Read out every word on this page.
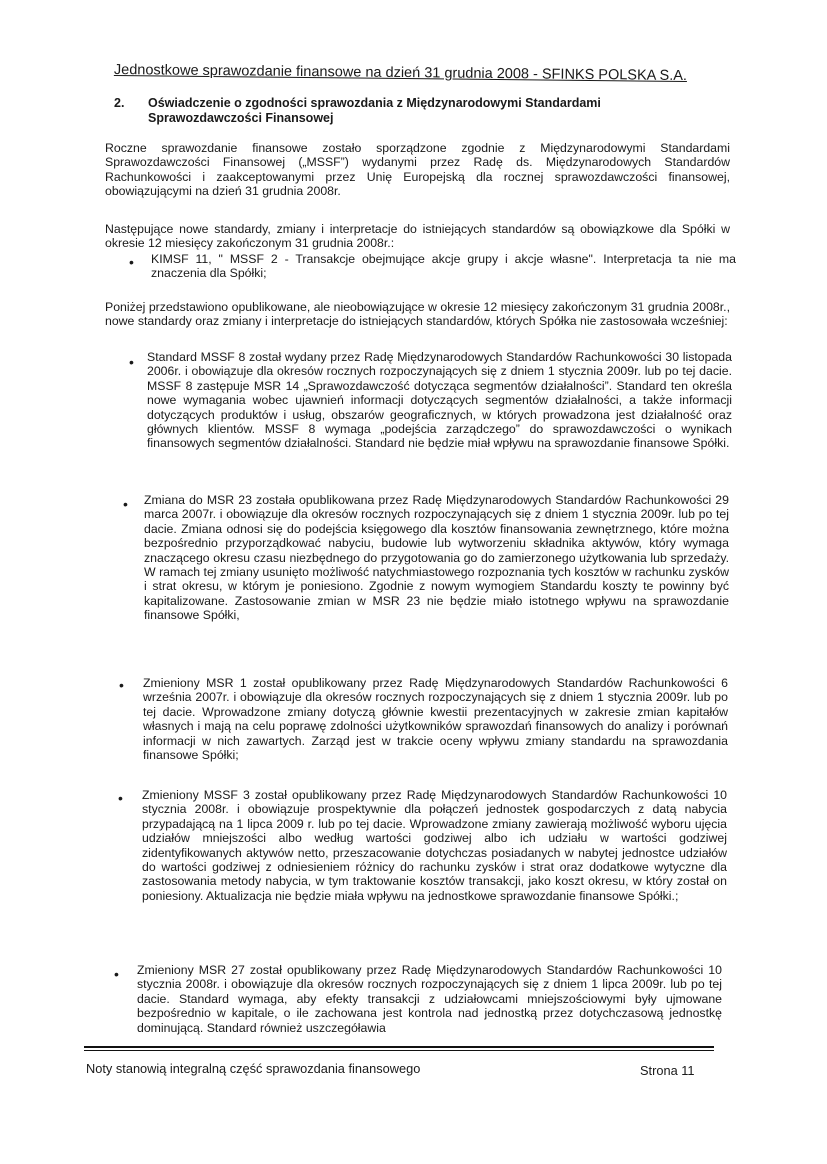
Jednostkowe sprawozdanie finansowe na dzień 31 grudnia 2008 - SFINKS POLSKA S.A.
2. Oświadczenie o zgodności sprawozdania z Międzynarodowymi Standardami Sprawozdawczości Finansowej
Roczne sprawozdanie finansowe zostało sporządzone zgodnie z Międzynarodowymi Standardami Sprawozdawczości Finansowej („MSSF”) wydanymi przez Radę ds. Międzynarodowych Standardów Rachunkowości i zaakceptowanymi przez Unię Europejską dla rocznej sprawozdawczości finansowej, obowiązującymi na dzień 31 grudnia 2008r.
Następujące nowe standardy, zmiany i interpretacje do istniejących standardów są obowiązkowe dla Spółki w okresie 12 miesięcy zakończonym 31 grudnia 2008r.:
• KIMSF 11, " MSSF 2 - Transakcje obejmujące akcje grupy i akcje własne". Interpretacja ta nie ma znaczenia dla Spółki;
Poniżej przedstawiono opublikowane, ale nieobowiązujące w okresie 12 miesięcy zakończonym 31 grudnia 2008r., nowe standardy oraz zmiany i interpretacje do istniejących standardów, których Spółka nie zastosowała wcześniej:
• Standard MSSF 8 został wydany przez Radę Międzynarodowych Standardów Rachunkowości 30 listopada 2006r. i obowiązuje dla okresów rocznych rozpoczynających się z dniem 1 stycznia 2009r. lub po tej dacie. MSSF 8 zastępuje MSR 14 „Sprawozdawczość dotycząca segmentów działalności”. Standard ten określa nowe wymagania wobec ujawnień informacji dotyczących segmentów działalności, a także informacji dotyczących produktów i usług, obszarów geograficznych, w których prowadzona jest działalność oraz głównych klientów. MSSF 8 wymaga „podejścia zarządczego” do sprawozdawczości o wynikach finansowych segmentów działalności. Standard nie będzie miał wpływu na sprawozdanie finansowe Spółki.
• Zmiana do MSR 23 została opublikowana przez Radę Międzynarodowych Standardów Rachunkowości 29 marca 2007r. i obowiązuje dla okresów rocznych rozpoczynających się z dniem 1 stycznia 2009r. lub po tej dacie. Zmiana odnosi się do podejścia księgowego dla kosztów finansowania zewnętrznego, które można bezpośrednio przyporządkować nabyciu, budowie lub wytworzeniu składnika aktywów, który wymaga znaczącego okresu czasu niezbędnego do przygotowania go do zamierzonego użytkowania lub sprzedaży. W ramach tej zmiany usunięto możliwość natychmiastowego rozpoznania tych kosztów w rachunku zysków i strat okresu, w którym je poniesiono. Zgodnie z nowym wymogiem Standardu koszty te powinny być kapitalizowane. Zastosowanie zmian w MSR 23 nie będzie miało istotnego wpływu na sprawozdanie finansowe Spółki,
• Zmieniony MSR 1 został opublikowany przez Radę Międzynarodowych Standardów Rachunkowości 6 września 2007r. i obowiązuje dla okresów rocznych rozpoczynających się z dniem 1 stycznia 2009r. lub po tej dacie. Wprowadzone zmiany dotyczą głównie kwestii prezentacyjnych w zakresie zmian kapitałów własnych i mają na celu poprawę zdolności użytkowników sprawozdań finansowych do analizy i porównań informacji w nich zawartych. Zarząd jest w trakcie oceny wpływu zmiany standardu na sprawozdania finansowe Spółki;
• Zmieniony MSSF 3 został opublikowany przez Radę Międzynarodowych Standardów Rachunkowości 10 stycznia 2008r. i obowiązuje prospektywnie dla połączeń jednostek gospodarczych z datą nabycia przypadającą na 1 lipca 2009 r. lub po tej dacie. Wprowadzone zmiany zawierają możliwość wyboru ujęcia udziałów mniejszości albo według wartości godziwej albo ich udziału w wartości godziwej zidentyfikowanych aktywów netto, przeszacowanie dotychczas posiadanych w nabytej jednostce udziałów do wartości godziwej z odniesieniem różnicy do rachunku zysków i strat oraz dodatkowe wytyczne dla zastosowania metody nabycia, w tym traktowanie kosztów transakcji, jako koszt okresu, w który został on poniesiony. Aktualizacja nie będzie miała wpływu na jednostkowe sprawozdanie finansowe Spółki.;
• Zmieniony MSR 27 został opublikowany przez Radę Międzynarodowych Standardów Rachunkowości 10 stycznia 2008r. i obowiązuje dla okresów rocznych rozpoczynających się z dniem 1 lipca 2009r. lub po tej dacie. Standard wymaga, aby efekty transakcji z udziałowcami mniejszościowymi były ujmowane bezpośrednio w kapitale, o ile zachowana jest kontrola nad jednostką przez dotychczasową jednostkę dominującą. Standard również uszczegóławia
Noty stanowią integralną część sprawozdania finansowego	Strona 11
